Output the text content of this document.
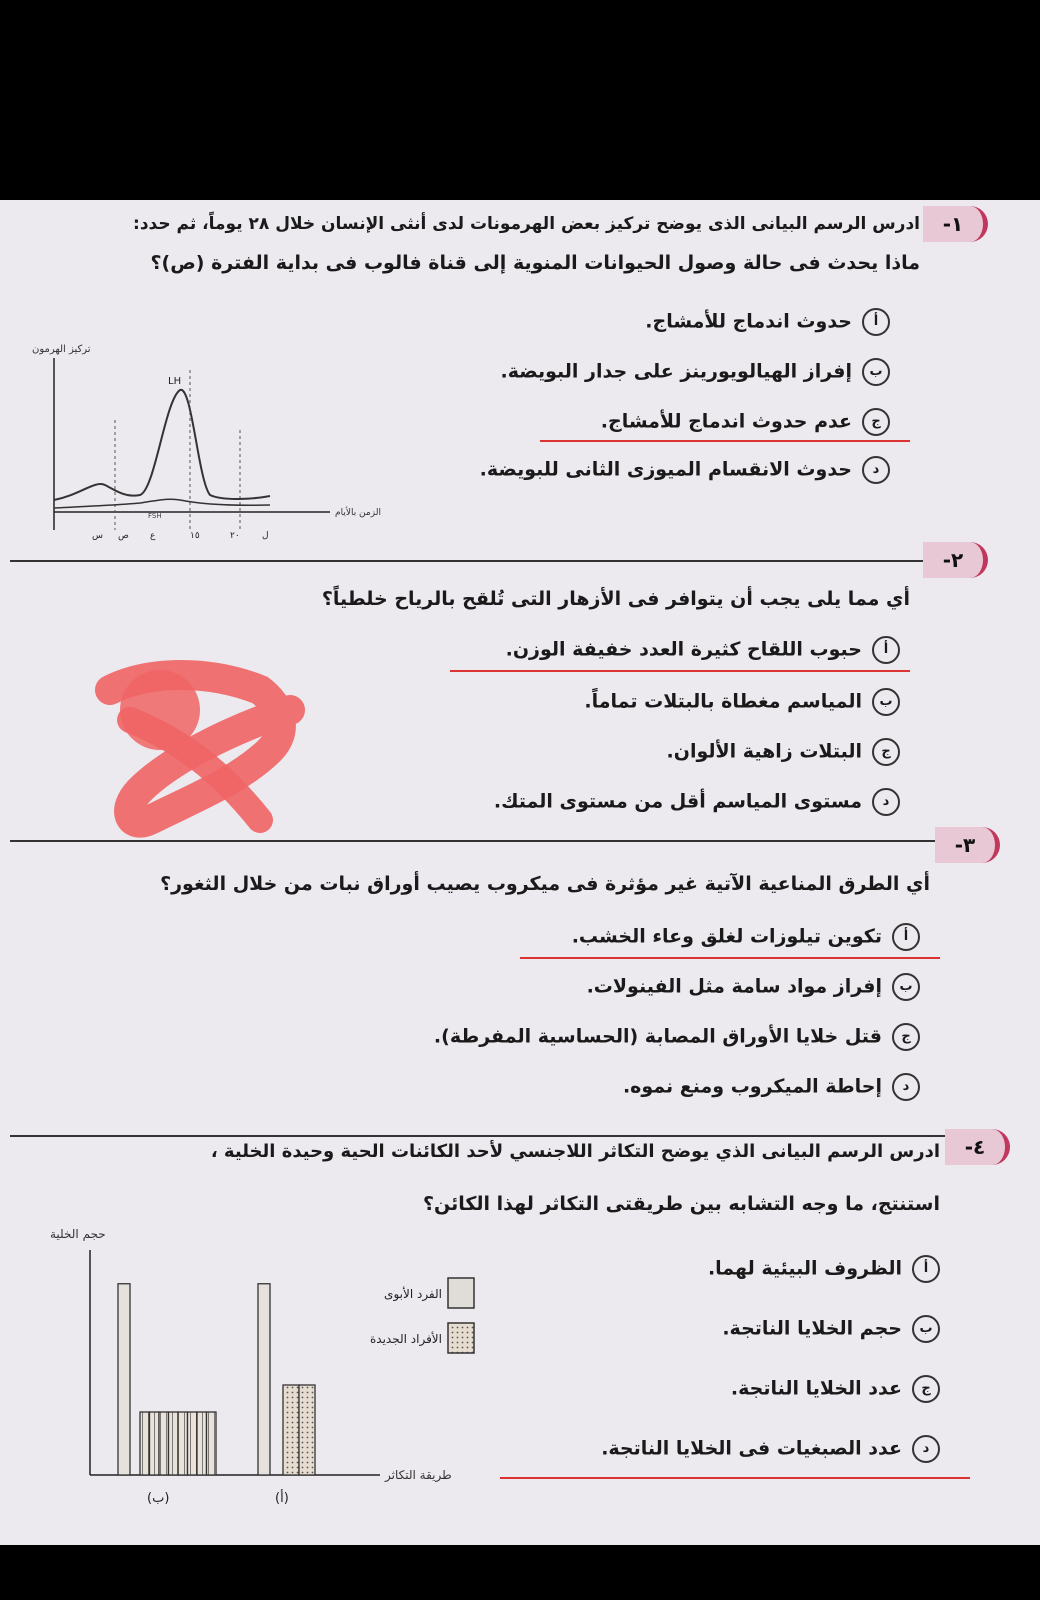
١-
ادرس الرسم البيانى الذى يوضح تركيز بعض الهرمونات لدى أنثى الإنسان خلال ٢٨ يوماً، ثم حدد:
ماذا يحدث فى حالة وصول الحيوانات المنوية إلى قناة فالوب فى بداية الفترة (ص)؟
أحدوث اندماج للأمشاج.
بإفراز الهيالويورينز على جدار البويضة.
جعدم حدوث اندماج للأمشاج.
دحدوث الانقسام الميوزى الثانى للبويضة.
تركيز الهرمون
الزمن بالأيام
LH
FSH
س ص ع	١٥	٢٠ ل
٢-
أي مما يلى يجب أن يتوافر فى الأزهار التى تُلقح بالرياح خلطياً؟
أحبوب اللقاح كثيرة العدد خفيفة الوزن.
بالمياسم مغطاة بالبتلات تماماً.
جالبتلات زاهية الألوان.
دمستوى المياسم أقل من مستوى المتك.
٣-
أي الطرق المناعية الآتية غير مؤثرة فى ميكروب يصيب أوراق نبات من خلال الثغور؟
أتكوين تيلوزات لغلق وعاء الخشب.
بإفراز مواد سامة مثل الفينولات.
جقتل خلايا الأوراق المصابة (الحساسية المفرطة).
دإحاطة الميكروب ومنع نموه.
٤-
ادرس الرسم البيانى الذي يوضح التكاثر اللاجنسي لأحد الكائنات الحية وحيدة الخلية ،
استنتج، ما وجه التشابه بين طريقتى التكاثر لهذا الكائن؟
أالظروف البيئية لهما.
بحجم الخلايا الناتجة.
جعدد الخلايا الناتجة.
دعدد الصبغيات فى الخلايا الناتجة.
حجم الخلية
طريقة التكاثر
(ب)	(أ)
الفرد الأبوى
الأفراد الجديدة
